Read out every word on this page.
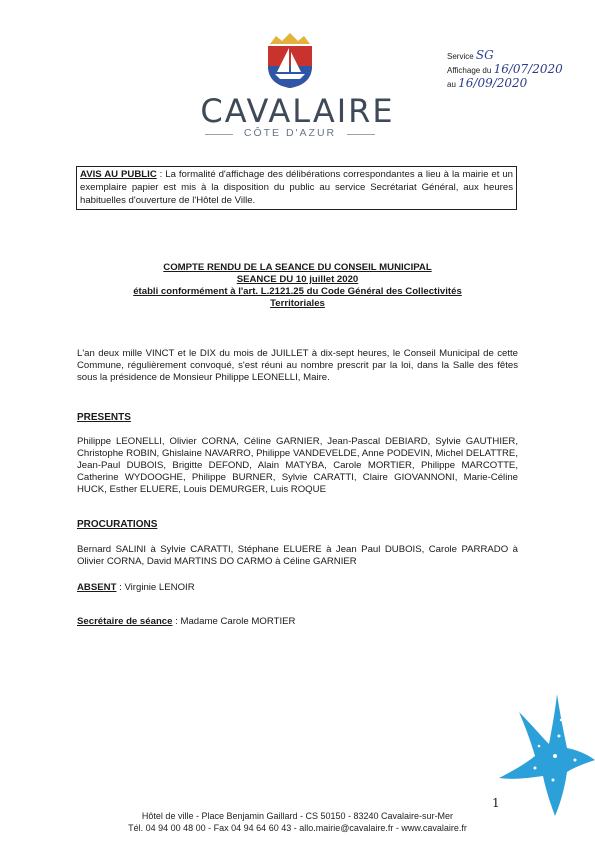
CAVALAIRE
CÔTE D'AZUR
Service SG
Affichage du 16/07/2020
au 16/09/2020
AVIS AU PUBLIC : La formalité d'affichage des délibérations correspondantes a lieu à la mairie et un exemplaire papier est mis à la disposition du public au service Secrétariat Général, aux heures habituelles d'ouverture de l'Hôtel de Ville.
COMPTE RENDU DE LA SEANCE DU CONSEIL MUNICIPAL
SEANCE DU 10 juillet 2020
établi conformément à l'art. L.2121.25 du Code Général des Collectivités
Territoriales
L'an deux mille VINCT et le DIX du mois de JUILLET à dix-sept heures, le Conseil Municipal de cette Commune, régulièrement convoqué, s'est réuni au nombre prescrit par la loi, dans la Salle des fêtes sous la présidence de Monsieur Philippe LEONELLI, Maire.
PRESENTS
Philippe LEONELLI, Olivier CORNA, Céline GARNIER, Jean-Pascal DEBIARD, Sylvie GAUTHIER, Christophe ROBIN, Ghislaine NAVARRO, Philippe VANDEVELDE, Anne PODEVIN, Michel DELATTRE, Jean-Paul DUBOIS, Brigitte DEFOND, Alain MATYBA, Carole MORTIER, Philippe MARCOTTE, Catherine WYDOOGHE, Philippe BURNER, Sylvie CARATTI, Claire GIOVANNONI, Marie-Céline HUCK, Esther ELUERE, Louis DEMURGER, Luis ROQUE
PROCURATIONS
Bernard SALINI à Sylvie CARATTI, Stéphane ELUERE à Jean Paul DUBOIS, Carole PARRADO à Olivier CORNA, David MARTINS DO CARMO à Céline GARNIER
ABSENT : Virginie LENOIR
Secrétaire de séance : Madame Carole MORTIER
1
Hôtel de ville - Place Benjamin Gaillard - CS 50150 - 83240 Cavalaire-sur-Mer
Tél. 04 94 00 48 00 - Fax 04 94 64 60 43 - allo.mairie@cavalaire.fr - www.cavalaire.fr
